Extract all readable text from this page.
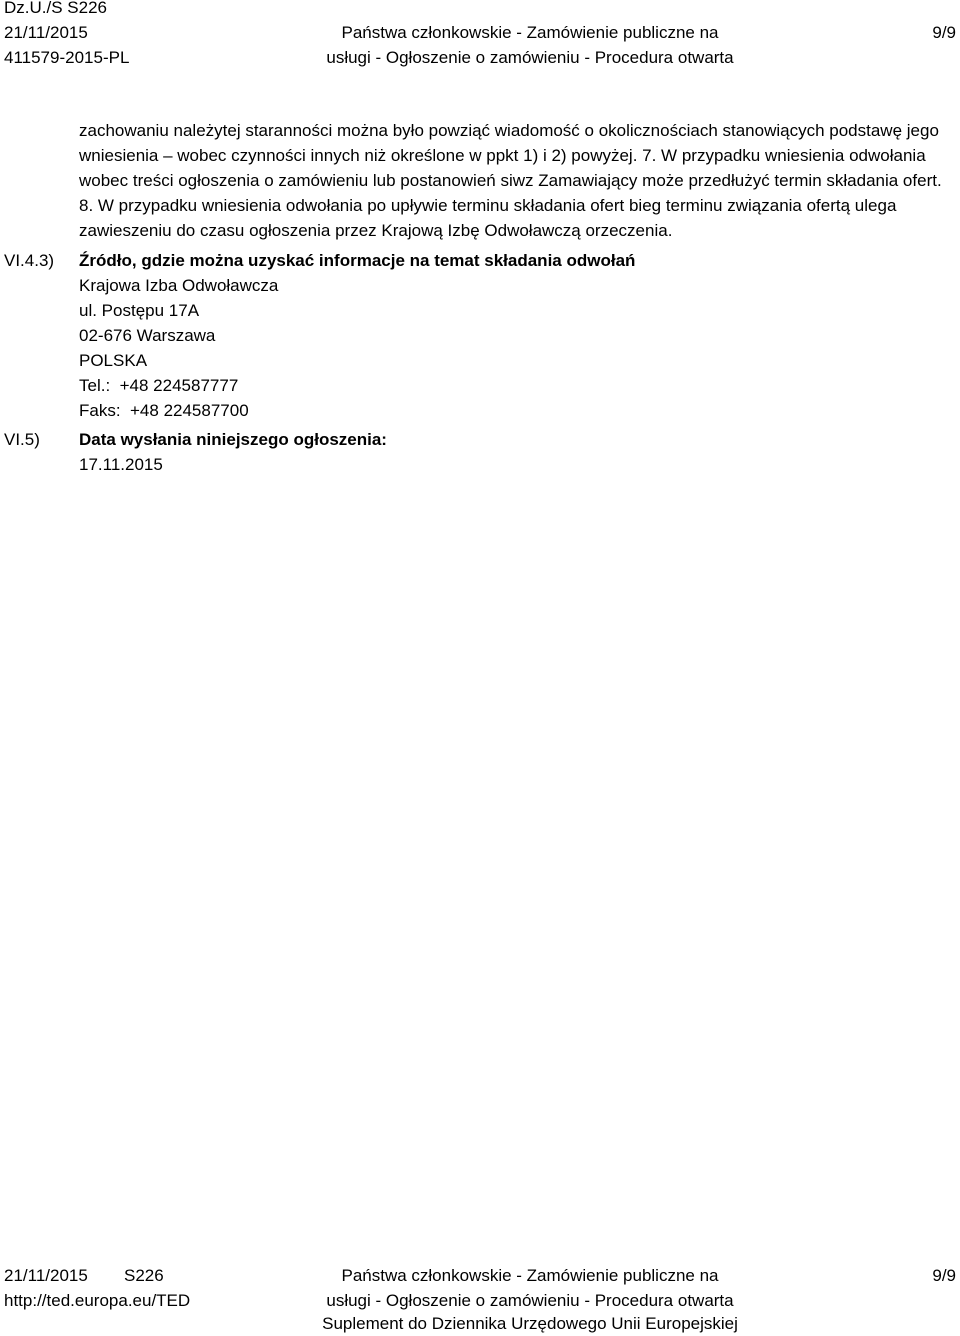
Dz.U./S S226
21/11/2015
411579-2015-PL
Państwa członkowskie - Zamówienie publiczne na
usługi - Ogłoszenie o zamówieniu - Procedura otwarta
9/9

zachowaniu należytej staranności można było powziąć wiadomość o okolicznościach stanowiących podstawę jego wniesienia – wobec czynności innych niż określone w ppkt 1) i 2) powyżej. 7. W przypadku wniesienia odwołania wobec treści ogłoszenia o zamówieniu lub postanowień siwz Zamawiający może przedłużyć termin składania ofert. 8. W przypadku wniesienia odwołania po upływie terminu składania ofert bieg terminu związania ofertą ulega zawieszeniu do czasu ogłoszenia przez Krajową Izbę Odwoławczą orzeczenia.

VI.4.3) Źródło, gdzie można uzyskać informacje na temat składania odwołań
Krajowa Izba Odwoławcza
ul. Postępu 17A
02-676 Warszawa
POLSKA
Tel.:  +48 224587777
Faks:  +48 224587700
VI.5) Data wysłania niniejszego ogłoszenia:
17.11.2015
21/11/2015 S226
http://ted.europa.eu/TED
Państwa członkowskie - Zamówienie publiczne na
usługi - Ogłoszenie o zamówieniu - Procedura otwarta
Suplement do Dziennika Urzędowego Unii Europejskiej
9/9
